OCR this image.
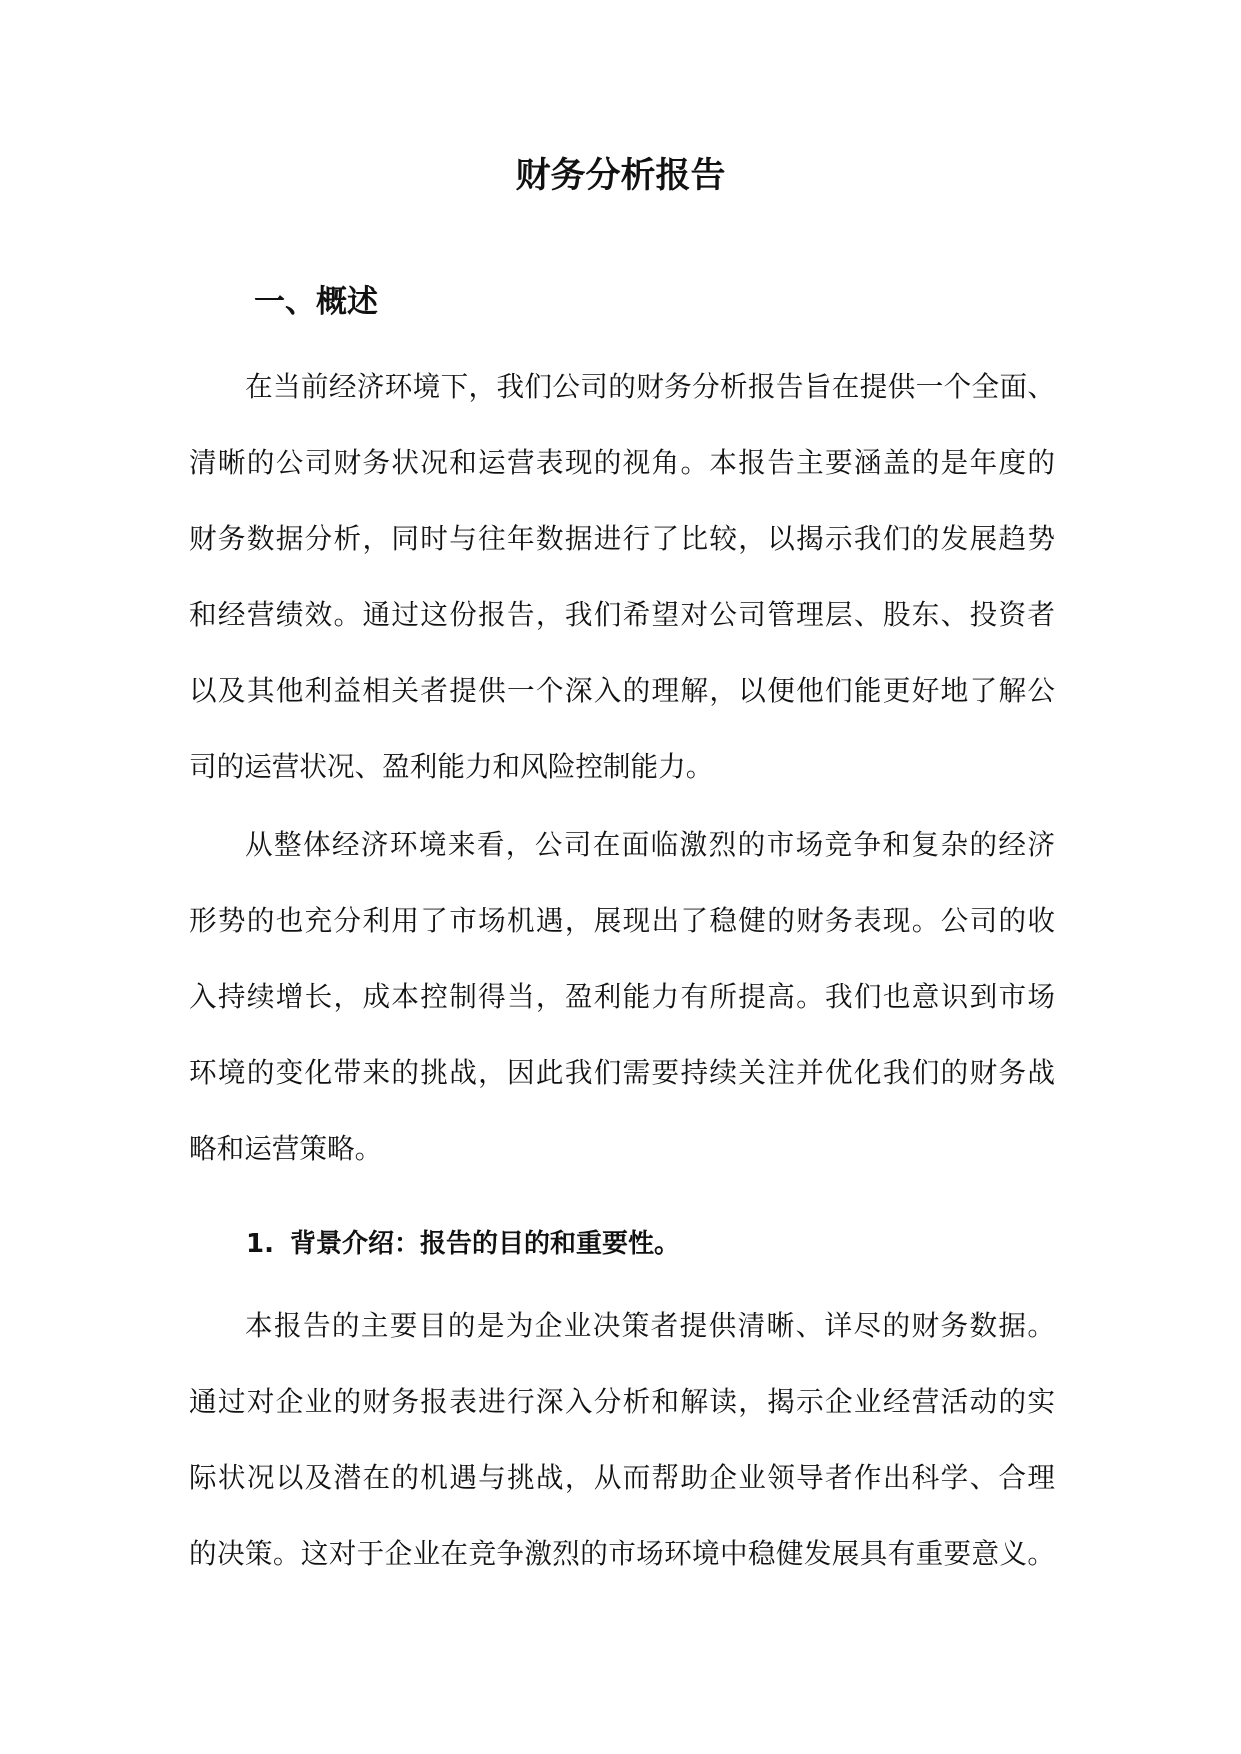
财务分析报告
一、概述
在当前经济环境下，我们公司的财务分析报告旨在提供一个全面、
清晰的公司财务状况和运营表现的视角。本报告主要涵盖的是年度的
财务数据分析，同时与往年数据进行了比较，以揭示我们的发展趋势
和经营绩效。通过这份报告，我们希望对公司管理层、股东、投资者
以及其他利益相关者提供一个深入的理解，以便他们能更好地了解公
司的运营状况、盈利能力和风险控制能力。
从整体经济环境来看，公司在面临激烈的市场竞争和复杂的经济
形势的也充分利用了市场机遇，展现出了稳健的财务表现。公司的收
入持续增长，成本控制得当，盈利能力有所提高。我们也意识到市场
环境的变化带来的挑战，因此我们需要持续关注并优化我们的财务战
略和运营策略。
1. 背景介绍：报告的目的和重要性。
本报告的主要目的是为企业决策者提供清晰、详尽的财务数据。
通过对企业的财务报表进行深入分析和解读，揭示企业经营活动的实
际状况以及潜在的机遇与挑战，从而帮助企业领导者作出科学、合理
的决策。这对于企业在竞争激烈的市场环境中稳健发展具有重要意义。
